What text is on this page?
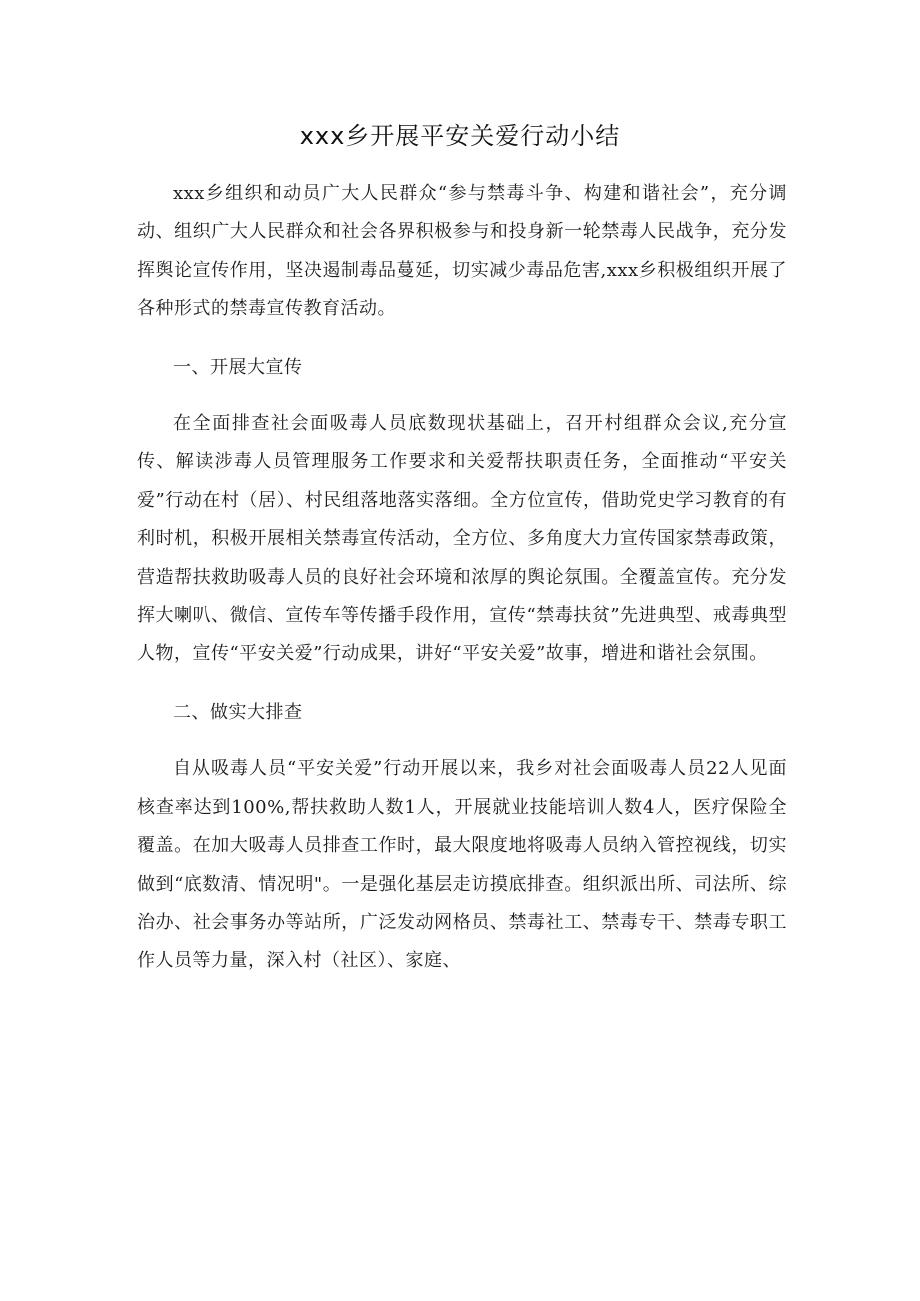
xxx乡开展平安关爱行动小结

xxx乡组织和动员广大人民群众“参与禁毒斗争、构建和谐社会”，充分调动、组织广大人民群众和社会各界积极参与和投身新一轮禁毒人民战争，充分发挥舆论宣传作用，坚决遏制毒品蔓延，切实减少毒品危害,xxx乡积极组织开展了各种形式的禁毒宣传教育活动。

一、开展大宣传

在全面排查社会面吸毒人员底数现状基础上，召开村组群众会议,充分宣传、解读涉毒人员管理服务工作要求和关爱帮扶职责任务，全面推动“平安关爱”行动在村（居）、村民组落地落实落细。全方位宣传，借助党史学习教育的有利时机，积极开展相关禁毒宣传活动，全方位、多角度大力宣传国家禁毒政策，营造帮扶救助吸毒人员的良好社会环境和浓厚的舆论氛围。全覆盖宣传。充分发挥大喇叭、微信、宣传车等传播手段作用，宣传“禁毒扶贫”先进典型、戒毒典型人物，宣传“平安关爱”行动成果，讲好“平安关爱”故事，增进和谐社会氛围。

二、做实大排查

自从吸毒人员“平安关爱”行动开展以来，我乡对社会面吸毒人员22人见面核查率达到100%,帮扶救助人数1人，开展就业技能培训人数4人，医疗保险全覆盖。在加大吸毒人员排查工作时，最大限度地将吸毒人员纳入管控视线，切实做到“底数清、情况明"。一是强化基层走访摸底排查。组织派出所、司法所、综治办、社会事务办等站所，广泛发动网格员、禁毒社工、禁毒专干、禁毒专职工作人员等力量，深入村（社区）、家庭、
